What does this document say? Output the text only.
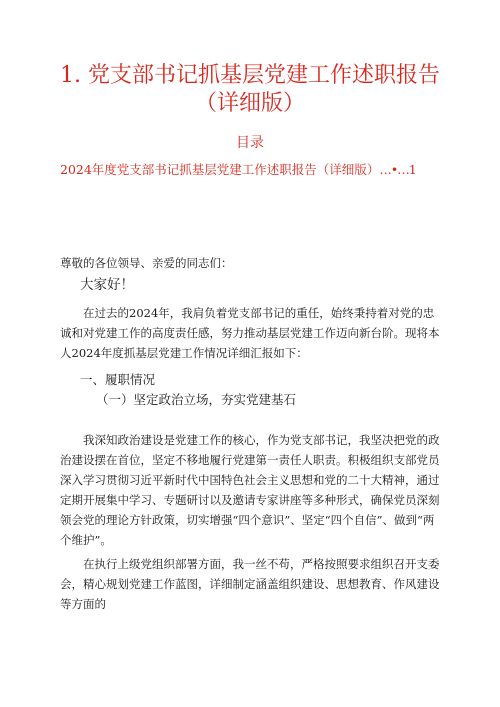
1. 党支部书记抓基层党建工作述职报告
（详细版）
目录
2024年度党支部书记抓基层党建工作述职报告（详细版）…•…1

尊敬的各位领导、亲爱的同志们：

大家好！

在过去的2024年，我肩负着党支部书记的重任，始终秉持着对党的忠诚和对党建工作的高度责任感，努力推动基层党建工作迈向新台阶。现将本人2024年度抓基层党建工作情况详细汇报如下：

一、履职情况

（一）坚定政治立场，夯实党建基石

我深知政治建设是党建工作的核心，作为党支部书记，我坚决把党的政治建设摆在首位，坚定不移地履行党建第一责任人职责。积极组织支部党员深入学习贯彻习近平新时代中国特色社会主义思想和党的二十大精神，通过定期开展集中学习、专题研讨以及邀请专家讲座等多种形式，确保党员深刻领会党的理论方针政策，切实增强“四个意识”、坚定“四个自信”、做到“两个维护”。

在执行上级党组织部署方面，我一丝不苟，严格按照要求组织召开支委会，精心规划党建工作蓝图，详细制定涵盖组织建设、思想教育、作风建设等方面的
